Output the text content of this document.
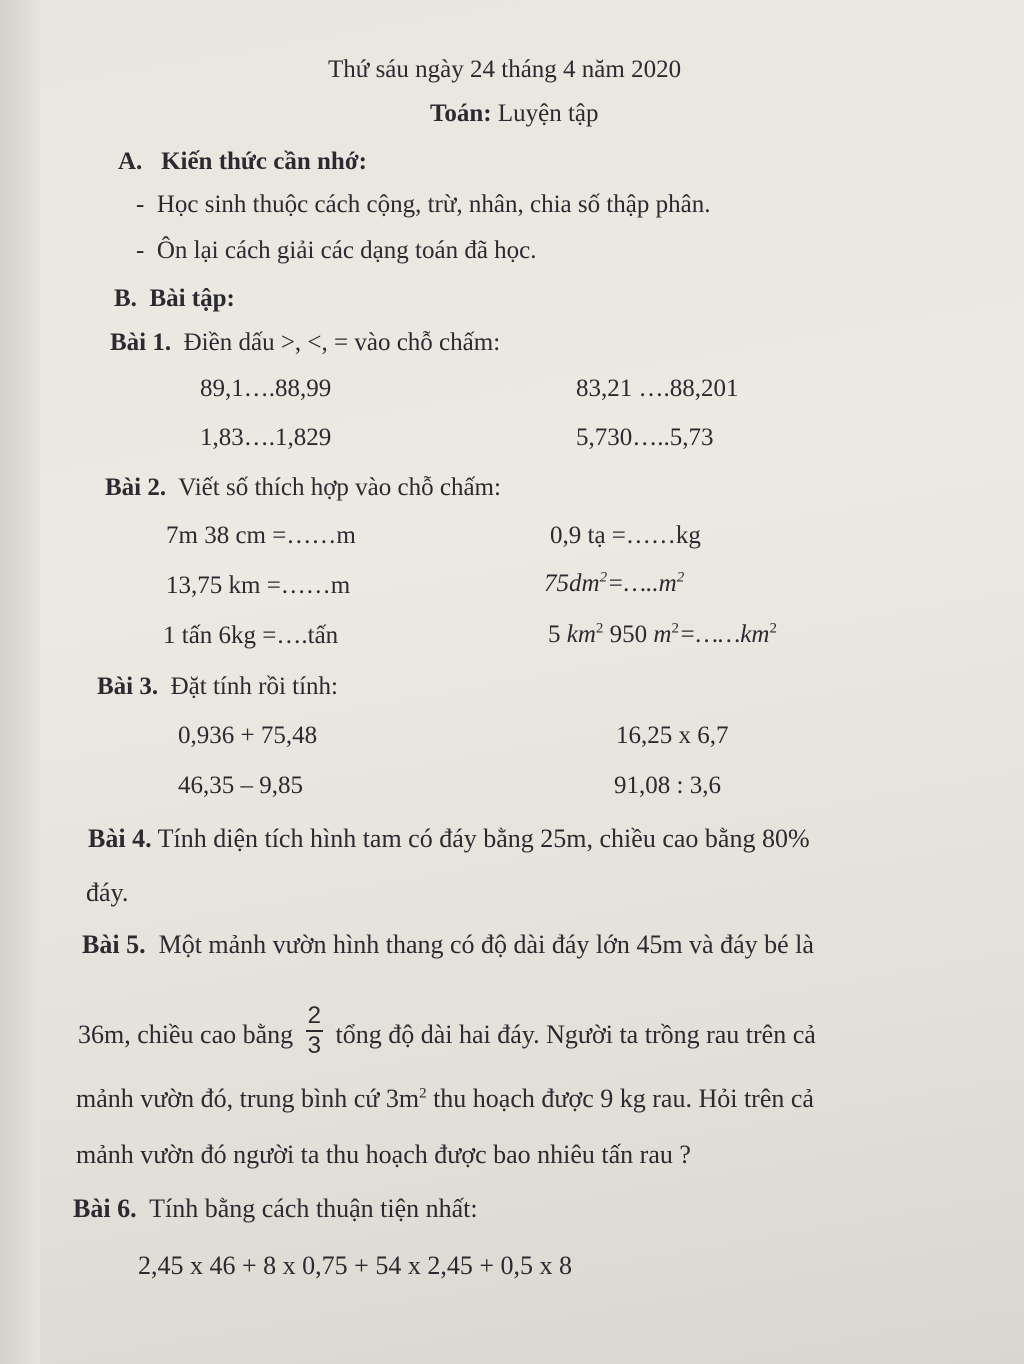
Thứ sáu ngày 24 tháng 4 năm 2020
Toán: Luyện tập
A. Kiến thức cần nhớ:
-  Học sinh thuộc cách cộng, trừ, nhân, chia số thập phân.
-  Ôn lại cách giải các dạng toán đã học.
B. Bài tập:
Bài 1. Điền dấu >, <, = vào chỗ chấm:
89,1….88,99	83,21 ….88,201
1,83….1,829	5,730…..5,73
Bài 2. Viết số thích hợp vào chỗ chấm:
7m 38 cm =……m	0,9 tạ =……kg
13,75 km =……m	$75dm^2=\dots..m^2$
1 tấn 6kg =….tấn	5 $km^2$ 950 $m^2=\dots\dots km^2$
Bài 3. Đặt tính rồi tính:
0,936 + 75,48	16,25 x 6,7
46,35 – 9,85	91,08 : 3,6
Bài 4. Tính diện tích hình tam có đáy bằng 25m, chiều cao bằng 80%
đáy.
Bài 5. Một mảnh vườn hình thang có độ dài đáy lớn 45m và đáy bé là
36m, chiều cao bằng $\frac{2}{3}$ tổng độ dài hai đáy. Người ta trồng rau trên cả
mảnh vườn đó, trung bình cứ $3m^2$ thu hoạch được 9 kg rau. Hỏi trên cả
mảnh vườn đó người ta thu hoạch được bao nhiêu tấn rau ?
Bài 6. Tính bằng cách thuận tiện nhất:
2,45 x 46 + 8 x 0,75 + 54 x 2,45 + 0,5 x 8
